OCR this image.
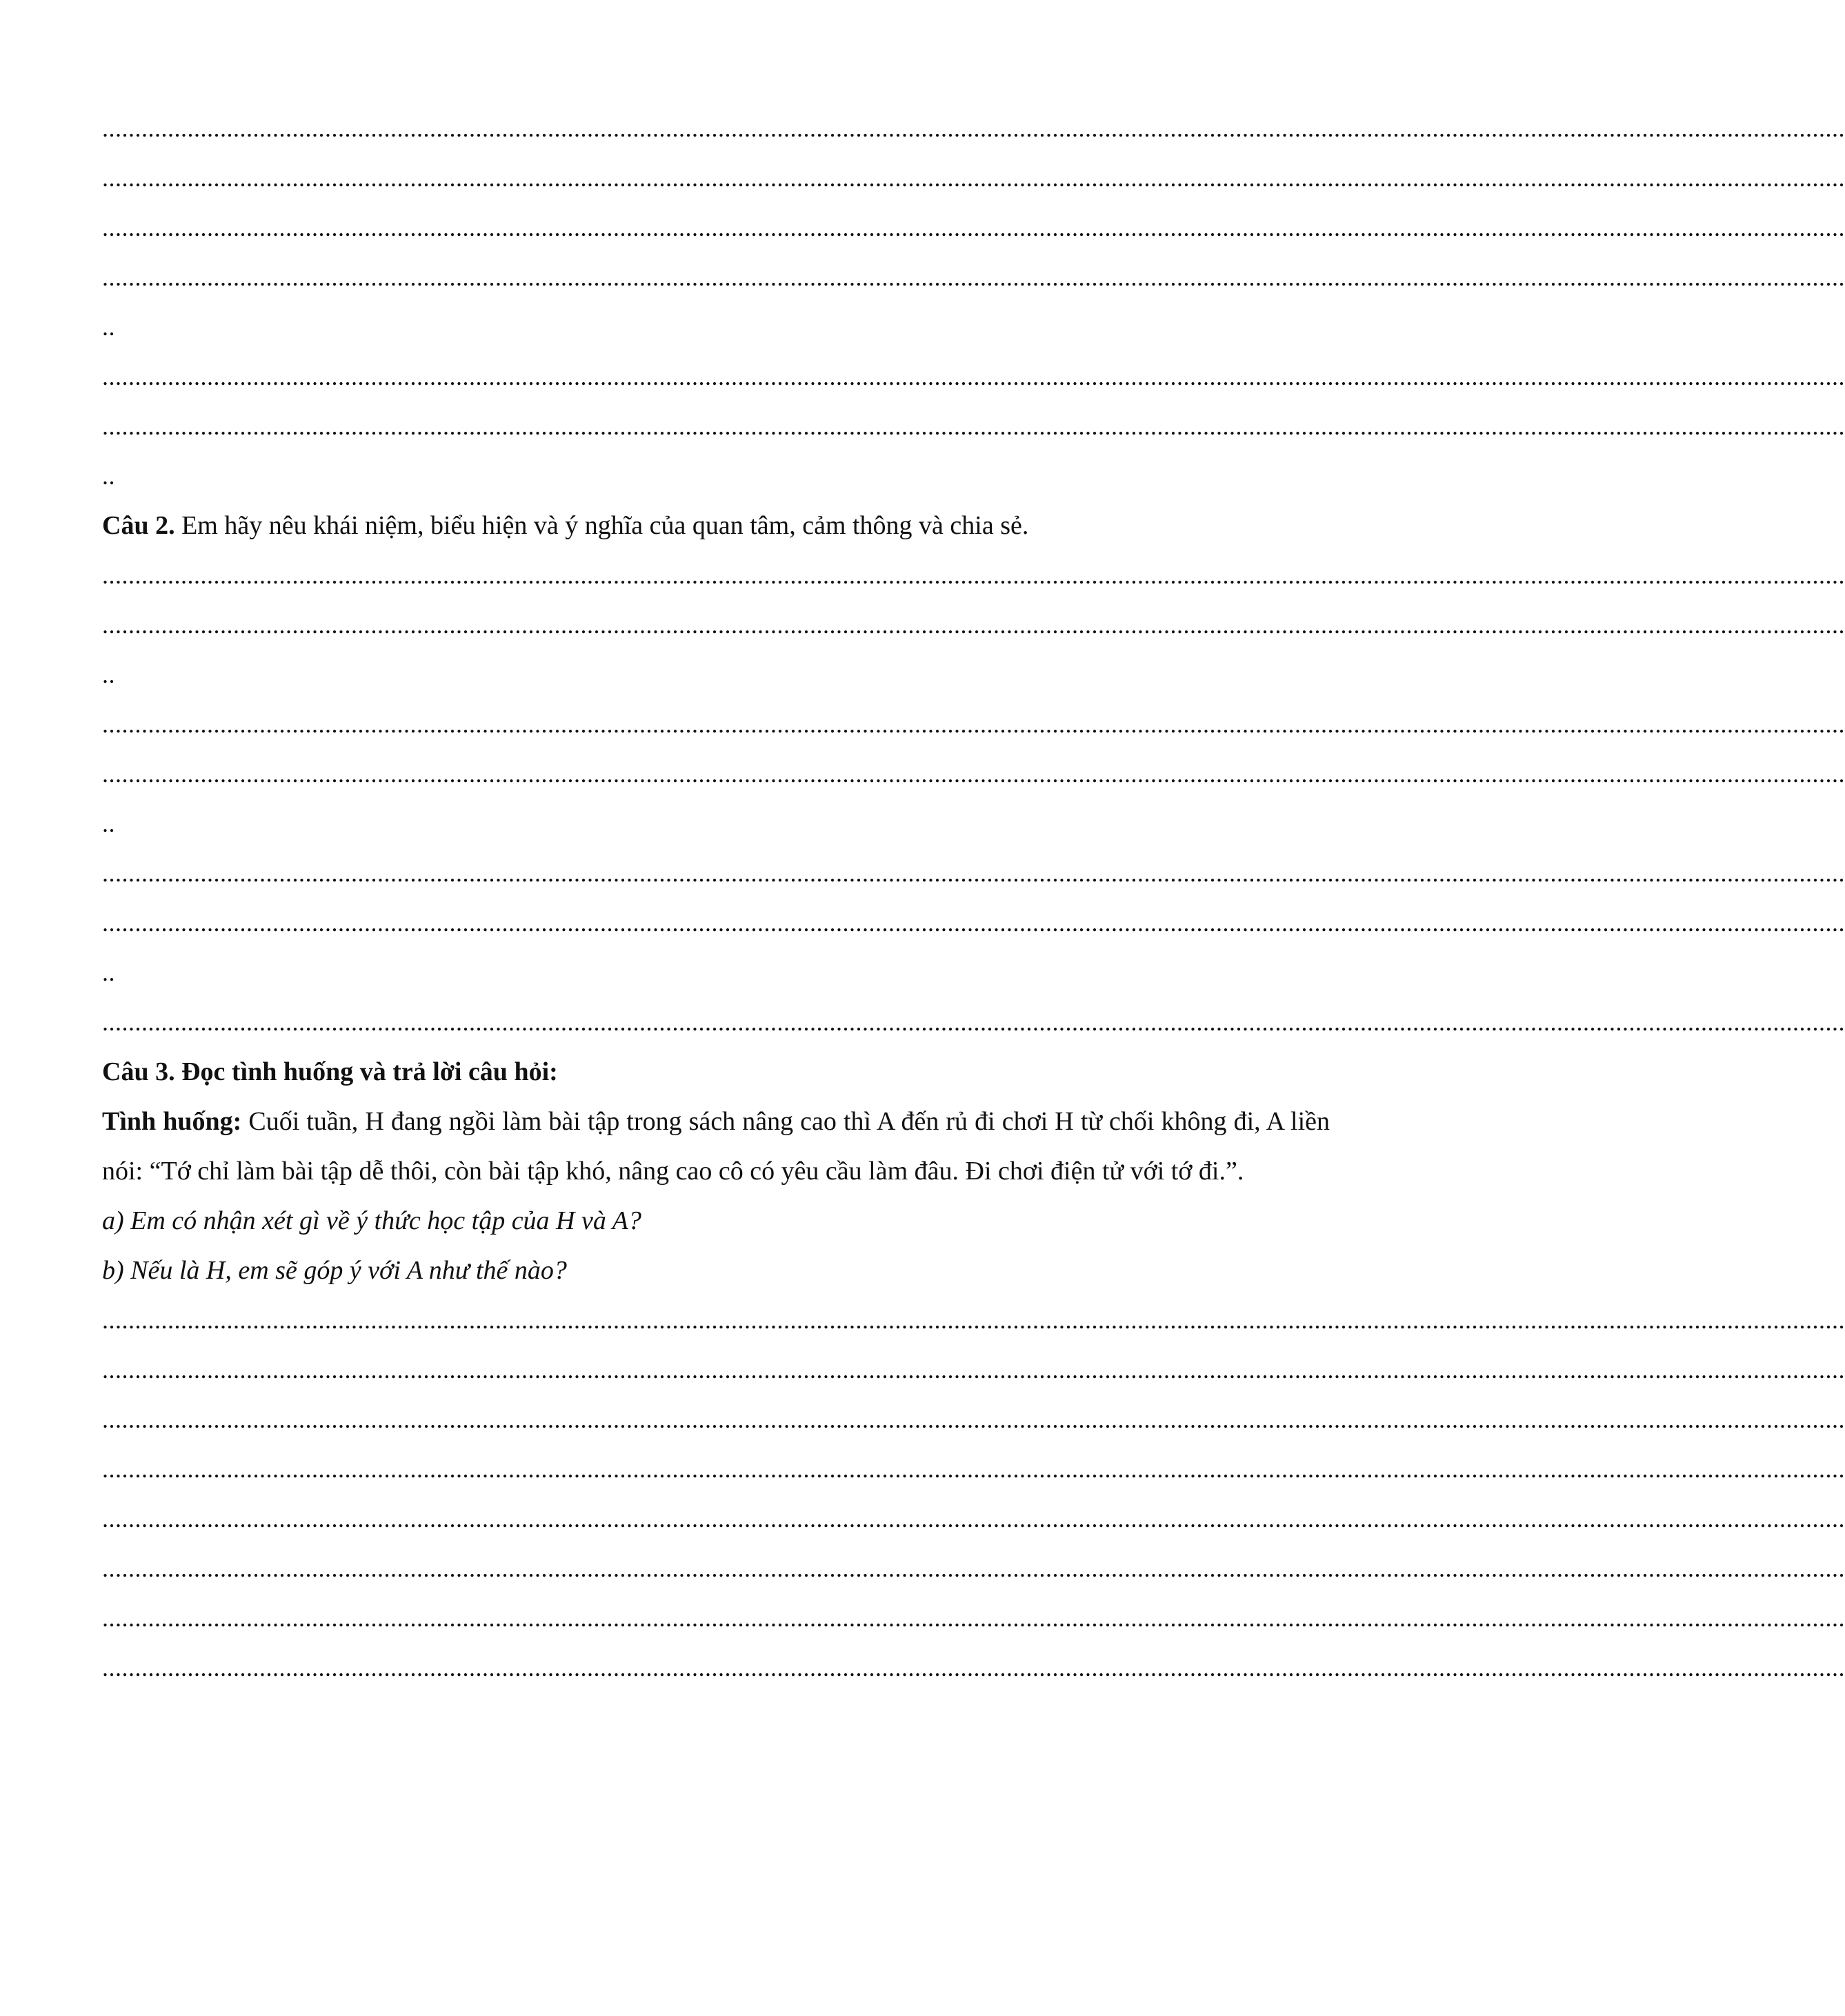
..........................................................................................................................................................................................................................................................................
..........................................................................................................................................................................................................................................................................
..........................................................................................................................................................................................................................................................................
..........................................................................................................................................................................................................................................................................
..
..........................................................................................................................................................................................................................................................................
..........................................................................................................................................................................................................................................................................
..
Câu 2. Em hãy nêu khái niệm, biểu hiện và ý nghĩa của quan tâm, cảm thông và chia sẻ.
..........................................................................................................................................................................................................................................................................
..........................................................................................................................................................................................................................................................................
..
..........................................................................................................................................................................................................................................................................
..........................................................................................................................................................................................................................................................................
..
..........................................................................................................................................................................................................................................................................
..........................................................................................................................................................................................................................................................................
..
..........................................................................................................................................................................................................................................................................
Câu 3. Đọc tình huống và trả lời câu hỏi:
Tình huống: Cuối tuần, H đang ngồi làm bài tập trong sách nâng cao thì A đến rủ đi chơi H từ chối không đi, A liền nói: “Tớ chỉ làm bài tập dễ thôi, còn bài tập khó, nâng cao cô có yêu cầu làm đâu. Đi chơi điện tử với tớ đi.”.
a) Em có nhận xét gì về ý thức học tập của H và A?
b) Nếu là H, em sẽ góp ý với A như thế nào?
..........................................................................................................................................................................................................................................................................
..........................................................................................................................................................................................................................................................................
..........................................................................................................................................................................................................................................................................
..........................................................................................................................................................................................................................................................................
..........................................................................................................................................................................................................................................................................
..........................................................................................................................................................................................................................................................................
..........................................................................................................................................................................................................................................................................
..........................................................................................................................................................................................................................................................................
